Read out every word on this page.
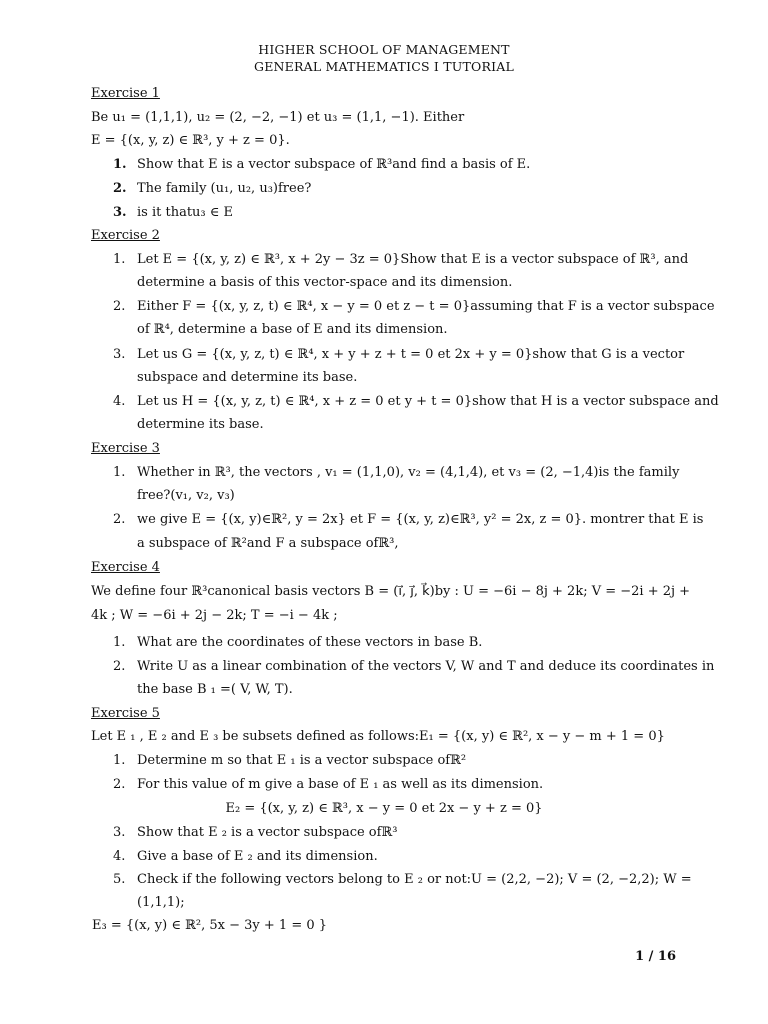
HIGHER SCHOOL OF MANAGEMENT
GENERAL MATHEMATICS I TUTORIAL
Exercise 1
Be u₁ = (1,1,1), u₂ = (2, −2, −1) et u₃ = (1,1, −1). Either
E = {(x, y, z) ∈ ℝ³, y + z = 0}.
1. Show that E is a vector subspace of ℝ³and find a basis of E.
2. The family (u₁, u₂, u₃)free?
3. is it thatu₃ ∈ E
Exercise 2
1. Let E = {(x, y, z) ∈ ℝ³, x + 2y − 3z = 0}Show that E is a vector subspace of ℝ³, and
determine a basis of this vector-space and its dimension.
2. Either F = {(x, y, z, t) ∈ ℝ⁴, x − y = 0 et z − t = 0}assuming that F is a vector subspace
of ℝ⁴, determine a base of E and its dimension.
3. Let us G = {(x, y, z, t) ∈ ℝ⁴, x + y + z + t = 0 et 2x + y = 0}show that G is a vector
subspace and determine its base.
4. Let us H = {(x, y, z, t) ∈ ℝ⁴, x + z = 0 et y + t = 0}show that H is a vector subspace and
determine its base.
Exercise 3
1. Whether in ℝ³, the vectors , v₁ = (1,1,0), v₂ = (4,1,4), et v₃ = (2, −1,4)is the family
free?(v₁, v₂, v₃)
2. we give E = {(x, y)∈ℝ², y = 2x} et F = {(x, y, z)∈ℝ³, y² = 2x, z = 0}. montrer that E is
a subspace of ℝ²and F a subspace ofℝ³,
Exercise 4
We define four ℝ³canonical basis vectors B = (i⃗, j⃗, k⃗)by : U = −6i − 8j + 2k; V = −2i + 2j +
4k ; W = −6i + 2j − 2k; T = −i − 4k ;
1. What are the coordinates of these vectors in base B.
2. Write U as a linear combination of the vectors V, W and T and deduce its coordinates in
the base B ₁ =( V, W, T).
Exercise 5
Let E ₁ , E ₂ and E ₃ be subsets defined as follows:E₁ = {(x, y) ∈ ℝ², x − y − m + 1 = 0}
1. Determine m so that E ₁ is a vector subspace ofℝ²
2. For this value of m give a base of E ₁ as well as its dimension.
E₂ = {(x, y, z) ∈ ℝ³, x − y = 0 et 2x − y + z = 0}
3. Show that E ₂ is a vector subspace ofℝ³
4. Give a base of E ₂ and its dimension.
5. Check if the following vectors belong to E ₂ or not:U = (2,2, −2); V = (2, −2,2); W =
(1,1,1);
E₃ = {(x, y) ∈ ℝ², 5x − 3y + 1 = 0 }
1 / 16
